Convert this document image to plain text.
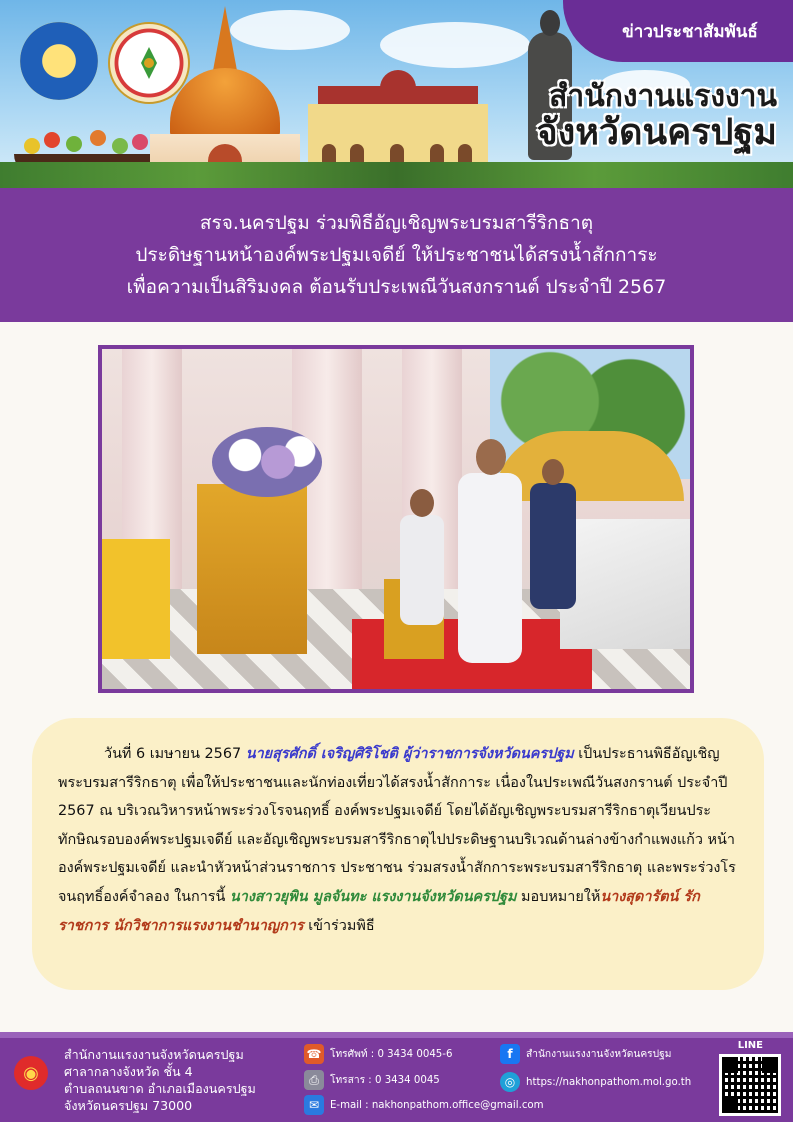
ข่าวประชาสัมพันธ์
สำนักงานแรงงาน
จังหวัดนครปฐม
สรจ.นครปฐม ร่วมพิธีอัญเชิญพระบรมสารีริกธาตุ
ประดิษฐานหน้าองค์พระปฐมเจดีย์ ให้ประชาชนได้สรงน้ำสักการะ
เพื่อความเป็นสิริมงคล ต้อนรับประเพณีวันสงกรานต์ ประจำปี 2567

วันที่ 6 เมษายน 2567 นายสุรศักดิ์ เจริญศิริโชติ ผู้ว่าราชการจังหวัดนครปฐม เป็นประธานพิธีอัญเชิญพระบรมสารีริกธาตุ เพื่อให้ประชาชนและนักท่องเที่ยวได้สรงน้ำสักการะ เนื่องในประเพณีวันสงกรานต์ ประจำปี 2567 ณ บริเวณวิหารหน้าพระร่วงโรจนฤทธิ์ องค์พระปฐมเจดีย์ โดยได้อัญเชิญพระบรมสารีริกธาตุเวียนประทักษิณรอบองค์พระปฐมเจดีย์ และอัญเชิญพระบรมสารีริกธาตุไปประดิษฐานบริเวณด้านล่างข้างกำแพงแก้ว หน้าองค์พระปฐมเจดีย์ และนำหัวหน้าส่วนราชการ ประชาชน ร่วมสรงน้ำสักการะพระบรมสารีริกธาตุ และพระร่วงโรจนฤทธิ์องค์จำลอง ในการนี้ นางสาวยุพิน มูลจันทะ แรงงานจังหวัดนครปฐม มอบหมายให้นางสุดารัตน์ รักราชการ นักวิชาการแรงงานชำนาญการ เข้าร่วมพิธี

◉
สำนักงานแรงงานจังหวัดนครปฐม
ศาลากลางจังหวัด ชั้น 4
ตำบลถนนขาด อำเภอเมืองนครปฐม
จังหวัดนครปฐม 73000
☎ โทรศัพท์ : 0 3434 0045-6
⎙	โทรสาร : 0 3434 0045
✉	E-mail : nakhonpathom.office@gmail.com
f	สำนักงานแรงงานจังหวัดนครปฐม
◎	https://nakhonpathom.mol.go.th
LINE
